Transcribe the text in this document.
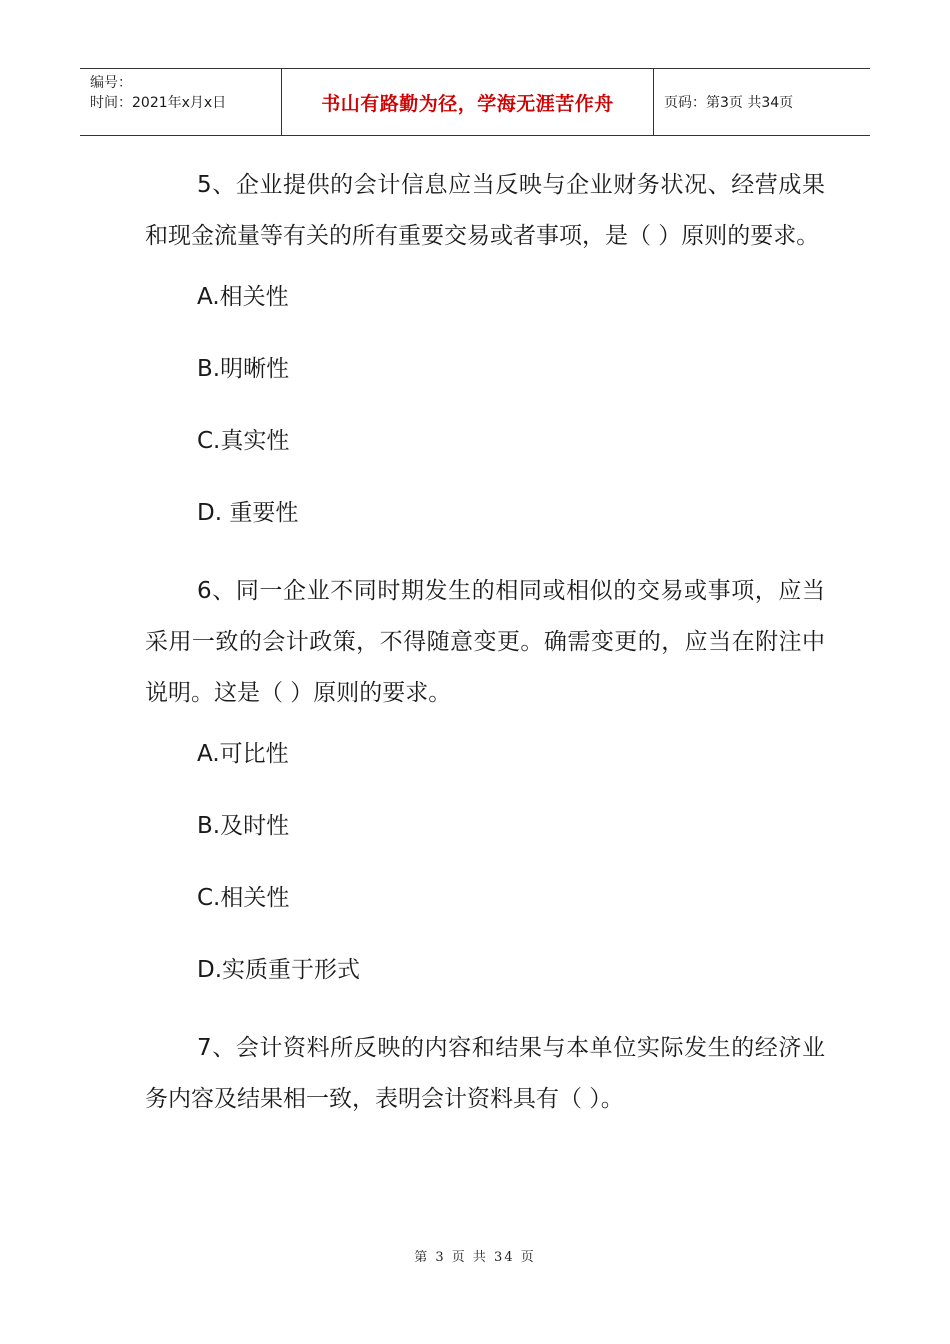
编号：
时间：2021年x月x日	书山有路勤为径，学海无涯苦作舟	页码：第3页 共34页

5、企业提供的会计信息应当反映与企业财务状况、经营成果和现金流量等有关的所有重要交易或者事项，是（ ）原则的要求。

A.相关性

B.明晰性

C.真实性

D. 重要性

6、同一企业不同时期发生的相同或相似的交易或事项，应当采用一致的会计政策，不得随意变更。确需变更的，应当在附注中说明。这是（ ）原则的要求。

A.可比性

B.及时性

C.相关性

D.实质重于形式

7、会计资料所反映的内容和结果与本单位实际发生的经济业务内容及结果相一致，表明会计资料具有（ ）。

第 3 页 共 34 页
